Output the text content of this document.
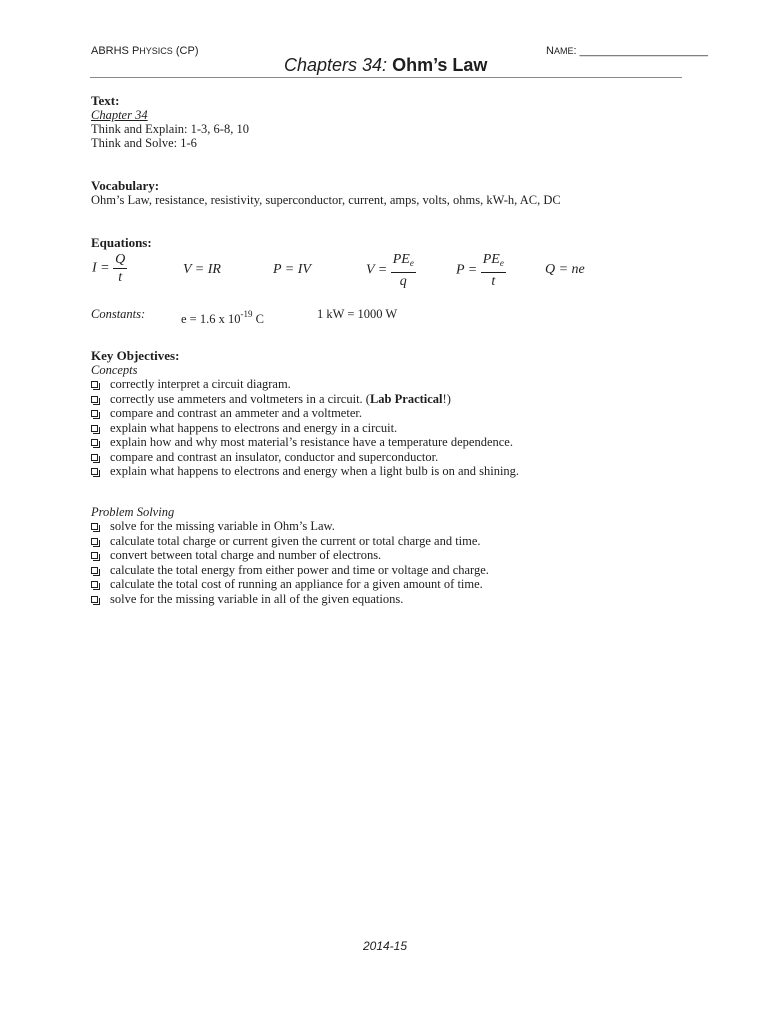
ABRHS PHYSICS (CP)	NAME: _____________________
Chapters 34: Ohm’s Law
Text:
Chapter 34
Think and Explain: 1-3, 6-8, 10
Think and Solve: 1-6
Vocabulary:
Ohm’s Law, resistance, resistivity, superconductor, current, amps, volts, ohms, kW-h, AC, DC
Equations:
$I = \frac{Q}{t}$	V = IR	P = IV	$V = \frac{PE_e}{q}$	$P = \frac{PE_e}{t}$	Q = ne
Constants:	e = 1.6 x $10^{-19}$ C	1 kW = 1000 W
Key Objectives:
Concepts
correctly interpret a circuit diagram.
correctly use ammeters and voltmeters in a circuit. (Lab Practical!)
compare and contrast an ammeter and a voltmeter.
explain what happens to electrons and energy in a circuit.
explain how and why most material’s resistance have a temperature dependence.
compare and contrast an insulator, conductor and superconductor.
explain what happens to electrons and energy when a light bulb is on and shining.
Problem Solving
solve for the missing variable in Ohm’s Law.
calculate total charge or current given the current or total charge and time.
convert between total charge and number of electrons.
calculate the total energy from either power and time or voltage and charge.
calculate the total cost of running an appliance for a given amount of time.
solve for the missing variable in all of the given equations.
2014-15
